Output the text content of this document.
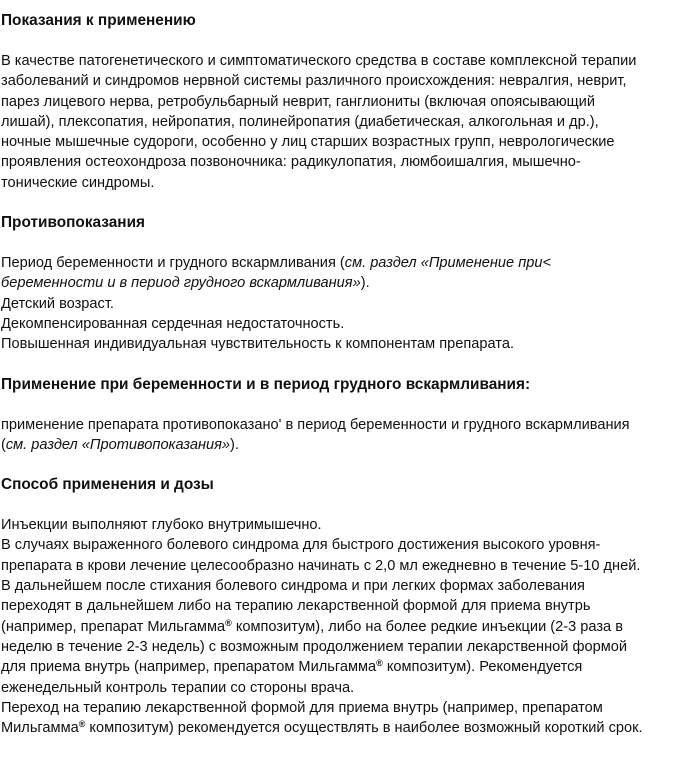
Показания к применению

В качестве патогенетического и симптоматического средства в составе комплексной терапии
заболеваний и синдромов нервной системы различного происхождения: невралгия, неврит,
парез лицевого нерва, ретробульбарный неврит, ганглиониты (включая опоясывающий
лишай), плексопатия, нейропатия, полинейропатия (диабетическая, алкогольная и др.),
ночные мышечные судороги, особенно у лиц старших возрастных групп, неврологические
проявления остеохондроза позвоночника: радикулопатия, люмбоишалгия, мышечно-
тонические синдромы.

Противопоказания

Период беременности и грудного вскармливания (см. раздел «Применение при<
беременности и в период грудного вскармливания»).
Детский возраст.
Декомпенсированная сердечная недостаточность.
Повышенная индивидуальная чувствительность к компонентам препарата.

Применение при беременности и в период грудного вскармливания:

применение препарата противопоказано' в период беременности и грудного вскармливания
(см. раздел «Противопоказания»).

Способ применения и дозы

Инъекции выполняют глубоко внутримышечно.
В случаях выраженного болевого синдрома для быстрого достижения высокого уровня-
препарата в крови лечение целесообразно начинать с 2,0 мл ежедневно в течение 5-10 дней.
В дальнейшем после стихания болевого синдрома и при легких формах заболевания
переходят в дальнейшем либо на терапию лекарственной формой для приема внутрь
(например, препарат Мильгамма® композитум), либо на более редкие инъекции (2-3 раза в
неделю в течение 2-3 недель) с возможным продолжением терапии лекарственной формой
для приема внутрь (например, препаратом Мильгамма® композитум). Рекомендуется
еженедельный контроль терапии со стороны врача.
Переход на терапию лекарственной формой для приема внутрь (например, препаратом
Мильгамма® композитум) рекомендуется осуществлять в наиболее возможный короткий срок.
